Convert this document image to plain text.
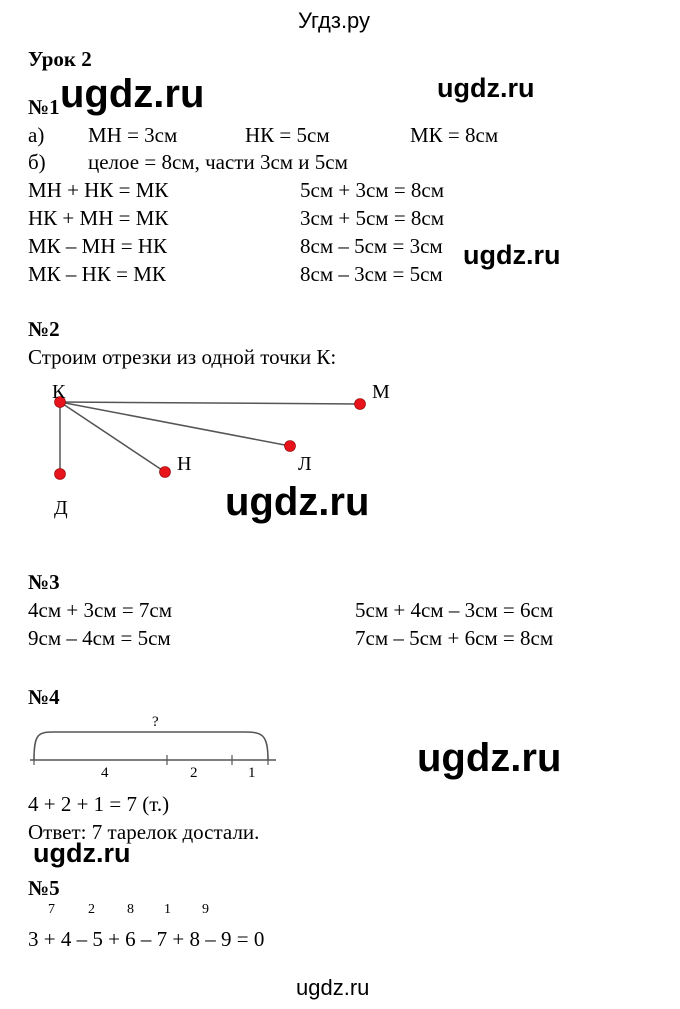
Угдз.ру
Урок 2
№1 ugdz.ru	ugdz.ru
а) МН = 3см	НК = 5см	МК = 8см
б) целое = 8см, части 3см и 5см
МН + НК = МК	5см + 3см = 8см
НК + МН = МК	3см + 5см = 8см
МК – МН = НК	8см – 5см = 3см
МК – НК = МК	8см – 3см = 5см
ugdz.ru
№2
Строим отрезки из одной точки К:
К	М
Н	Л
Д	ugdz.ru
№3
4см + 3см = 7см	5см + 4см – 3см = 6см
9см – 4см = 5см	7см – 5см + 6см = 8см
№4
?
4	2	1	ugdz.ru
4 + 2 + 1 = 7 (т.)
Ответ: 7 тарелок достали.
ugdz.ru
№5
7 2 8 1 9
3 + 4 – 5 + 6 – 7 + 8 – 9 = 0
ugdz.ru
